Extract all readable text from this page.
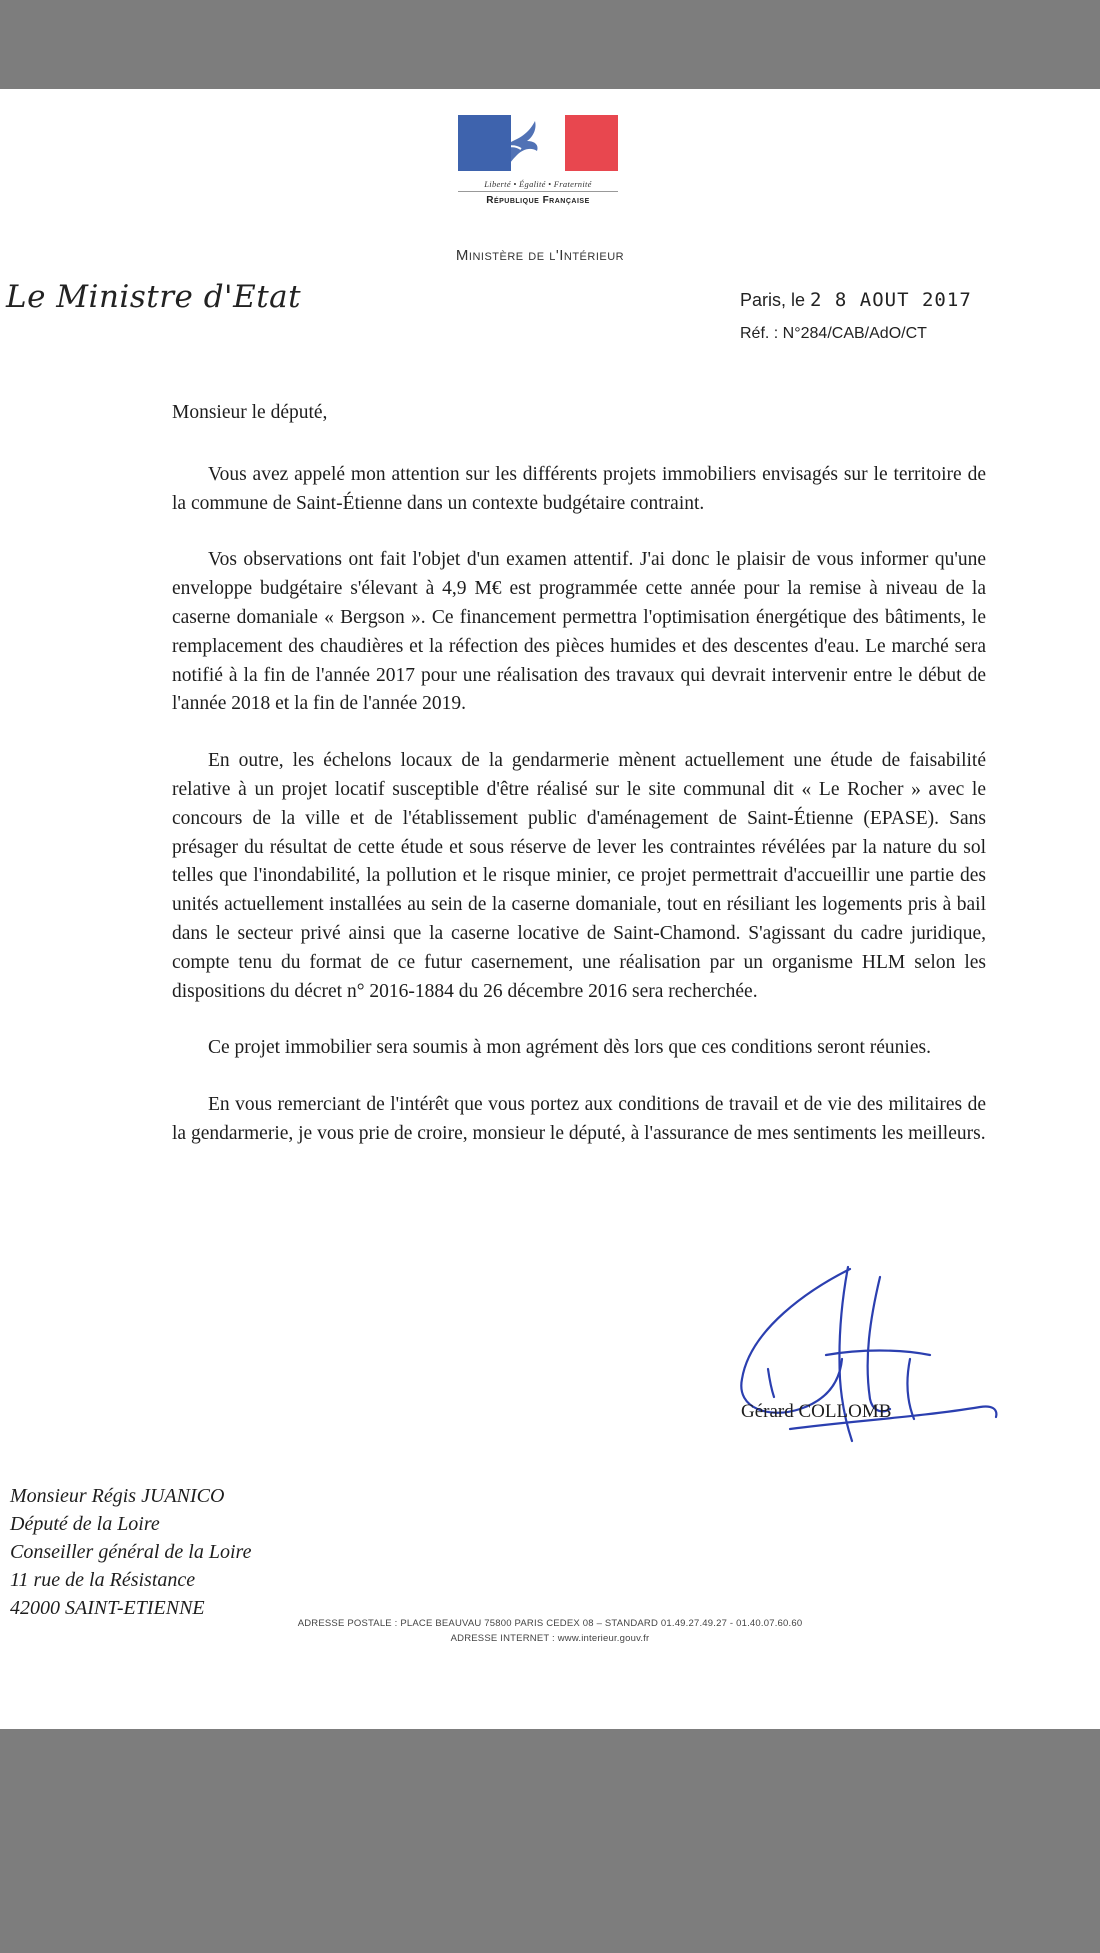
Liberté • Égalité • Fraternité
République Française
Ministère de l'Intérieur
Le Ministre d'Etat	Paris, le 2 8 AOUT 2017
Réf. : N°284/CAB/AdO/CT

Monsieur le député,

Vous avez appelé mon attention sur les différents projets immobiliers envisagés sur le territoire de la commune de Saint-Étienne dans un contexte budgétaire contraint.

Vos observations ont fait l'objet d'un examen attentif. J'ai donc le plaisir de vous informer qu'une enveloppe budgétaire s'élevant à 4,9 M€ est programmée cette année pour la remise à niveau de la caserne domaniale « Bergson ». Ce financement permettra l'optimisation énergétique des bâtiments, le remplacement des chaudières et la réfection des pièces humides et des descentes d'eau. Le marché sera notifié à la fin de l'année 2017 pour une réalisation des travaux qui devrait intervenir entre le début de l'année 2018 et la fin de l'année 2019.

En outre, les échelons locaux de la gendarmerie mènent actuellement une étude de faisabilité relative à un projet locatif susceptible d'être réalisé sur le site communal dit « Le Rocher » avec le concours de la ville et de l'établissement public d'aménagement de Saint-Étienne (EPASE). Sans présager du résultat de cette étude et sous réserve de lever les contraintes révélées par la nature du sol telles que l'inondabilité, la pollution et le risque minier, ce projet permettrait d'accueillir une partie des unités actuellement installées au sein de la caserne domaniale, tout en résiliant les logements pris à bail dans le secteur privé ainsi que la caserne locative de Saint-Chamond. S'agissant du cadre juridique, compte tenu du format de ce futur casernement, une réalisation par un organisme HLM selon les dispositions du décret n° 2016-1884 du 26 décembre 2016 sera recherchée.

Ce projet immobilier sera soumis à mon agrément dès lors que ces conditions seront réunies.

En vous remerciant de l'intérêt que vous portez aux conditions de travail et de vie des militaires de la gendarmerie, je vous prie de croire, monsieur le député, à l'assurance de mes sentiments les meilleurs.

Gérard COLLOMB
Monsieur Régis JUANICO
Député de la Loire
Conseiller général de la Loire
11 rue de la Résistance
42000 SAINT-ETIENNE
ADRESSE POSTALE : PLACE BEAUVAU 75800 PARIS CEDEX 08 – STANDARD 01.49.27.49.27 - 01.40.07.60.60
ADRESSE INTERNET : www.interieur.gouv.fr
